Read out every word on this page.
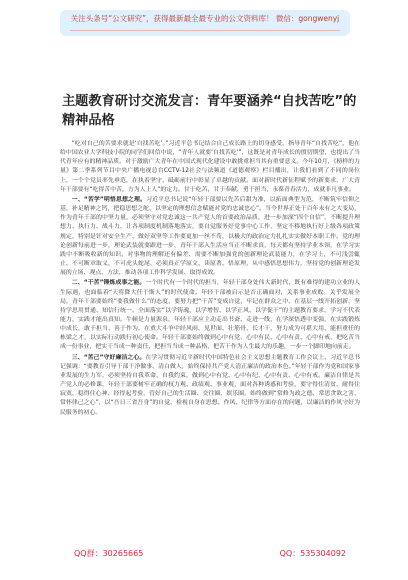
关注头条号“公文研究”，获得最新最全最专业的公文资料库！ 微信：gongwenyj
主题教育研讨交流发言：青年要涵养“自找苦吃”的精神品格

“吃对自己的苦要求就是‘自找苦吃’。”习近平总书记结合自己成长路上的切身感受，指导青年“自找苦吃”，他在给中国农业大学科技小院的同学们回信中说，“青年人就要‘自找苦吃’”，这既是对青年成长的殷切期望，也提出了当代青年应有的精神品质。对于激励广大青年在中国式现代化建设中敢挑重担当其有重要意义。今年10月，《榜样的力量》第二季系列节目中央广播电视总台CCTV-12社会与法频道《道德观察》栏目播出，让我们看到了不同的岗位上，一个个党员率先垂范，在执着坚守、砥砺前行中彰显了卓越的贡献。面对新时代新征程赋予的新要求，广大青年干部要有“吃得苦中苦，方为人上人”的定力。甘于吃苦，甘于奉献，勇于担当，永葆青春活力，成就非凡事业。

一、“苦学”明悟思想之理。习近平总书记说“年轻干部要以先苦后甜为准，以拓面典型为范，不断筑牢信仰之基，补足精神之钙，把稳思想之舵，以坚定的理想信念赋能对党的忠诚忠心”。当今世界正处于百年未有之大变局，作为青年干部的中坚力量，必须坚守对党忠诚这一共产党人的首要政治品质，进一步加深“四个自信”，不断提升理想力、执行力、战斗力，让各项制度机制落地落实，要自觉服务好党事中心工作，坚定不移地执行好上级各项政策规定，特别是针对安全生产、做好双坚等工作要更加一丝不苟，以极大的政治定力扎扎实实做好本职工作。党的理论创新每前进一步，理论武装就要跟进一步，青年干部入生活应当正不断求真，每天都有坚持学业本领，在学习实践中不断吸收新的知识，对事物的理解还有偏差、需要不断加强党的创新理论武装能力，在学习上，不可浅尝辄止，不可断章取义，不可虎头蛇尾，必须真正学原文、读原著、悟原理，从中感悟思想伟力，坚持党的创新理论发展的立场、观点、方法，推动各项工作科学发展、取得成效。

二、“干苦”锤炼成事之能。一个时代有一个时代的担当，年轻干部身处伟大新时代，既有难得的建功立业的人生际遇，也面临着“天将降大任于斯人”的时代使命。年轻干部被启示是否正确面对，关系事业成败。关乎发展全局，青年干部要始终“要我做什么”的态度，要努力把“干苦”变成自觉，牢记在群众之中、在基层一线开拓创新，坚持学思用贯通、知信行统一。全面落实“以学铸魂、以学增智、以学正风、以学促干”的主题教育要求，学习不代表能力，实践才能出真知。牛顿是力量源泉，年轻干部应主动走出书斋、走进一线，在学深悟透中变强，在实践锻炼中成长，敢于担当、善于作为，在重大斗争中经风雨、见世面、壮筋骨、长才干，努力成为可堪大用、能担重任的栋梁之才，以实际行动践行初心使命。年轻干部要始终做到心中有党、心中有民、心中有责、心中有戒，把吃苦当成一份事业，把实干当成一种责任，把担当当成一种品格，把苦干作为人生最大的乐趣，一步一个脚印地向前走。

三、“苦己”守好廉洁之心。在学习贯彻习近平新时代中国特色社会主义思想主题教育工作会议上，习近平总书记强调：“要教育引导干部干净做事、清白做人，始终保持共产党人清正廉洁的政治本色。”年轻干部作为党和国家事业发展的生力军，必须坚持自我革命、自我约束，做到心中有党、心中有纪、心中有责、心中有戒。廉洁自律是共产党人的必修课，年轻干部要树牢正确的权力观、政绩观、事业观，面对各种诱惑和考验，要守得住清贫、耐得住寂寞、稳得住心神、经得起考验，管好自己的生活圈、交往圈、娱乐圈，始终做到“常修为政之德、常思贪欲之害、常怀律己之心”，以“吾日三省吾身”的自觉，检视自身在思想、作风、纪律等方面存在的问题，以廉洁的作风守好为民服务的初心。

QQ群：30265665	QQ：535304092
